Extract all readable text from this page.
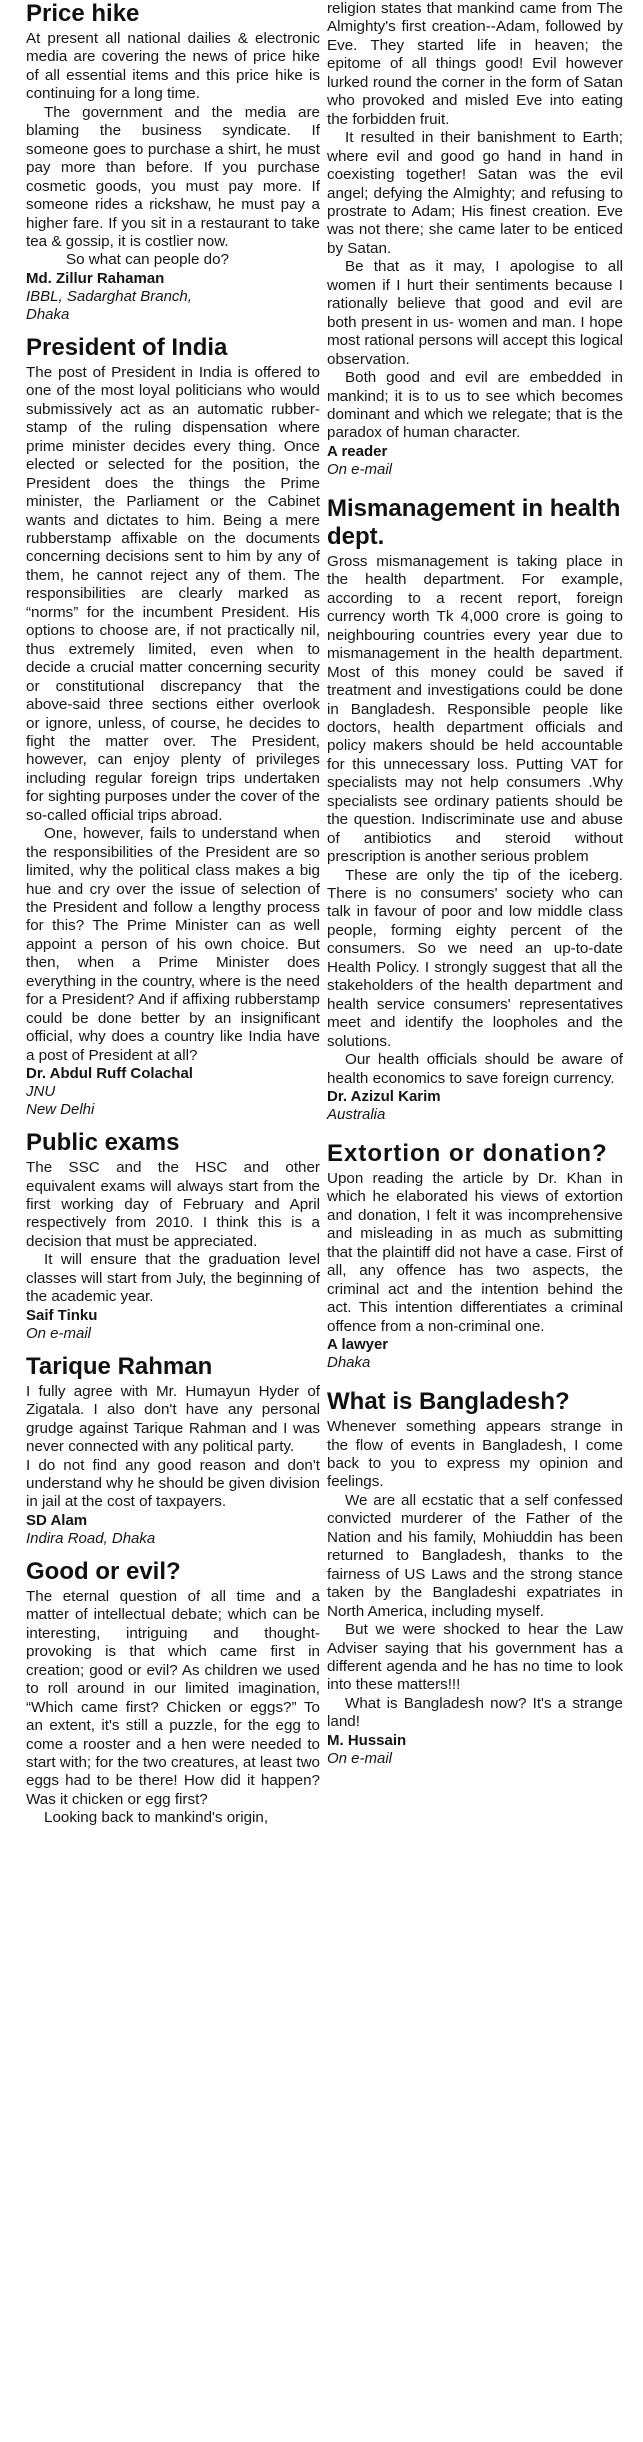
Price hike

At present all national dailies & electronic media are covering the news of price hike of all essential items and this price hike is continuing for a long time.

The government and the media are blaming the business syndicate. If someone goes to purchase a shirt, he must pay more than before. If you purchase cosmetic goods, you must pay more. If someone rides a rickshaw, he must pay a higher fare. If you sit in a restaurant to take tea & gossip, it is costlier now.

So what can people do?

Md. Zillur Rahaman
IBBL, Sadarghat Branch,
Dhaka
President of India

The post of President in India is offered to one of the most loyal politicians who would submissively act as an automatic rubber-stamp of the ruling dispensation where prime minister decides every thing. Once elected or selected for the position, the President does the things the Prime minister, the Parliament or the Cabinet wants and dictates to him. Being a mere rubberstamp affixable on the documents concerning decisions sent to him by any of them, he cannot reject any of them. The responsibilities are clearly marked as “norms” for the incumbent President. His options to choose are, if not practically nil, thus extremely limited, even when to decide a crucial matter concerning security or constitutional discrepancy that the above-said three sections either overlook or ignore, unless, of course, he decides to fight the matter over. The President, however, can enjoy plenty of privileges including regular foreign trips undertaken for sighting purposes under the cover of the so-called official trips abroad.

One, however, fails to understand when the responsibilities of the President are so limited, why the political class makes a big hue and cry over the issue of selection of the President and follow a lengthy process for this? The Prime Minister can as well appoint a person of his own choice. But then, when a Prime Minister does everything in the country, where is the need for a President? And if affixing rubberstamp could be done better by an insignificant official, why does a country like India have a post of President at all?

Dr. Abdul Ruff Colachal
JNU
New Delhi
Public exams

The SSC and the HSC and other equivalent exams will always start from the first working day of February and April respectively from 2010. I think this is a decision that must be appreciated.

It will ensure that the graduation level classes will start from July, the beginning of the academic year.

Saif Tinku
On e-mail
Tarique Rahman

I fully agree with Mr. Humayun Hyder of Zigatala. I also don't have any personal grudge against Tarique Rahman and I was never connected with any political party.

I do not find any good reason and don't understand why he should be given division in jail at the cost of taxpayers.

SD Alam
Indira Road, Dhaka
Good or evil?

The eternal question of all time and a matter of intellectual debate; which can be interesting, intriguing and thought-provoking is that which came first in creation; good or evil? As children we used to roll around in our limited imagination, “Which came first? Chicken or eggs?” To an extent, it's still a puzzle, for the egg to come a rooster and a hen were needed to start with; for the two creatures, at least two eggs had to be there! How did it happen? Was it chicken or egg first?

Looking back to mankind's origin,

religion states that mankind came from The Almighty's first creation--Adam, followed by Eve. They started life in heaven; the epitome of all things good! Evil however lurked round the corner in the form of Satan who provoked and misled Eve into eating the forbidden fruit.

It resulted in their banishment to Earth; where evil and good go hand in hand in coexisting together! Satan was the evil angel; defying the Almighty; and refusing to prostrate to Adam; His finest creation. Eve was not there; she came later to be enticed by Satan.

Be that as it may, I apologise to all women if I hurt their sentiments because I rationally believe that good and evil are both present in us- women and man. I hope most rational persons will accept this logical observation.

Both good and evil are embedded in mankind; it is to us to see which becomes dominant and which we relegate; that is the paradox of human character.

A reader
On e-mail
Mismanagement in health dept.

Gross mismanagement is taking place in the health department. For example, according to a recent report, foreign currency worth Tk 4,000 crore is going to neighbouring countries every year due to mismanagement in the health department. Most of this money could be saved if treatment and investigations could be done in Bangladesh. Responsible people like doctors, health department officials and policy makers should be held accountable for this unnecessary loss. Putting VAT for specialists may not help consumers .Why specialists see ordinary patients should be the question. Indiscriminate use and abuse of antibiotics and steroid without prescription is another serious problem

These are only the tip of the iceberg. There is no consumers' society who can talk in favour of poor and low middle class people, forming eighty percent of the consumers. So we need an up-to-date Health Policy. I strongly suggest that all the stakeholders of the health department and health service consumers' representatives meet and identify the loopholes and the solutions.

Our health officials should be aware of health economics to save foreign currency.

Dr. Azizul Karim
Australia
Extortion or donation?

Upon reading the article by Dr. Khan in which he elaborated his views of extortion and donation, I felt it was incomprehensive and misleading in as much as submitting that the plaintiff did not have a case. First of all, any offence has two aspects, the criminal act and the intention behind the act. This intention differentiates a criminal offence from a non-criminal one.

A lawyer
Dhaka
What is Bangladesh?

Whenever something appears strange in the flow of events in Bangladesh, I come back to you to express my opinion and feelings.

We are all ecstatic that a self confessed convicted murderer of the Father of the Nation and his family, Mohiuddin has been returned to Bangladesh, thanks to the fairness of US Laws and the strong stance taken by the Bangladeshi expatriates in North America, including myself.

But we were shocked to hear the Law Adviser saying that his government has a different agenda and he has no time to look into these matters!!!

What is Bangladesh now? It's a strange land!

M. Hussain
On e-mail
